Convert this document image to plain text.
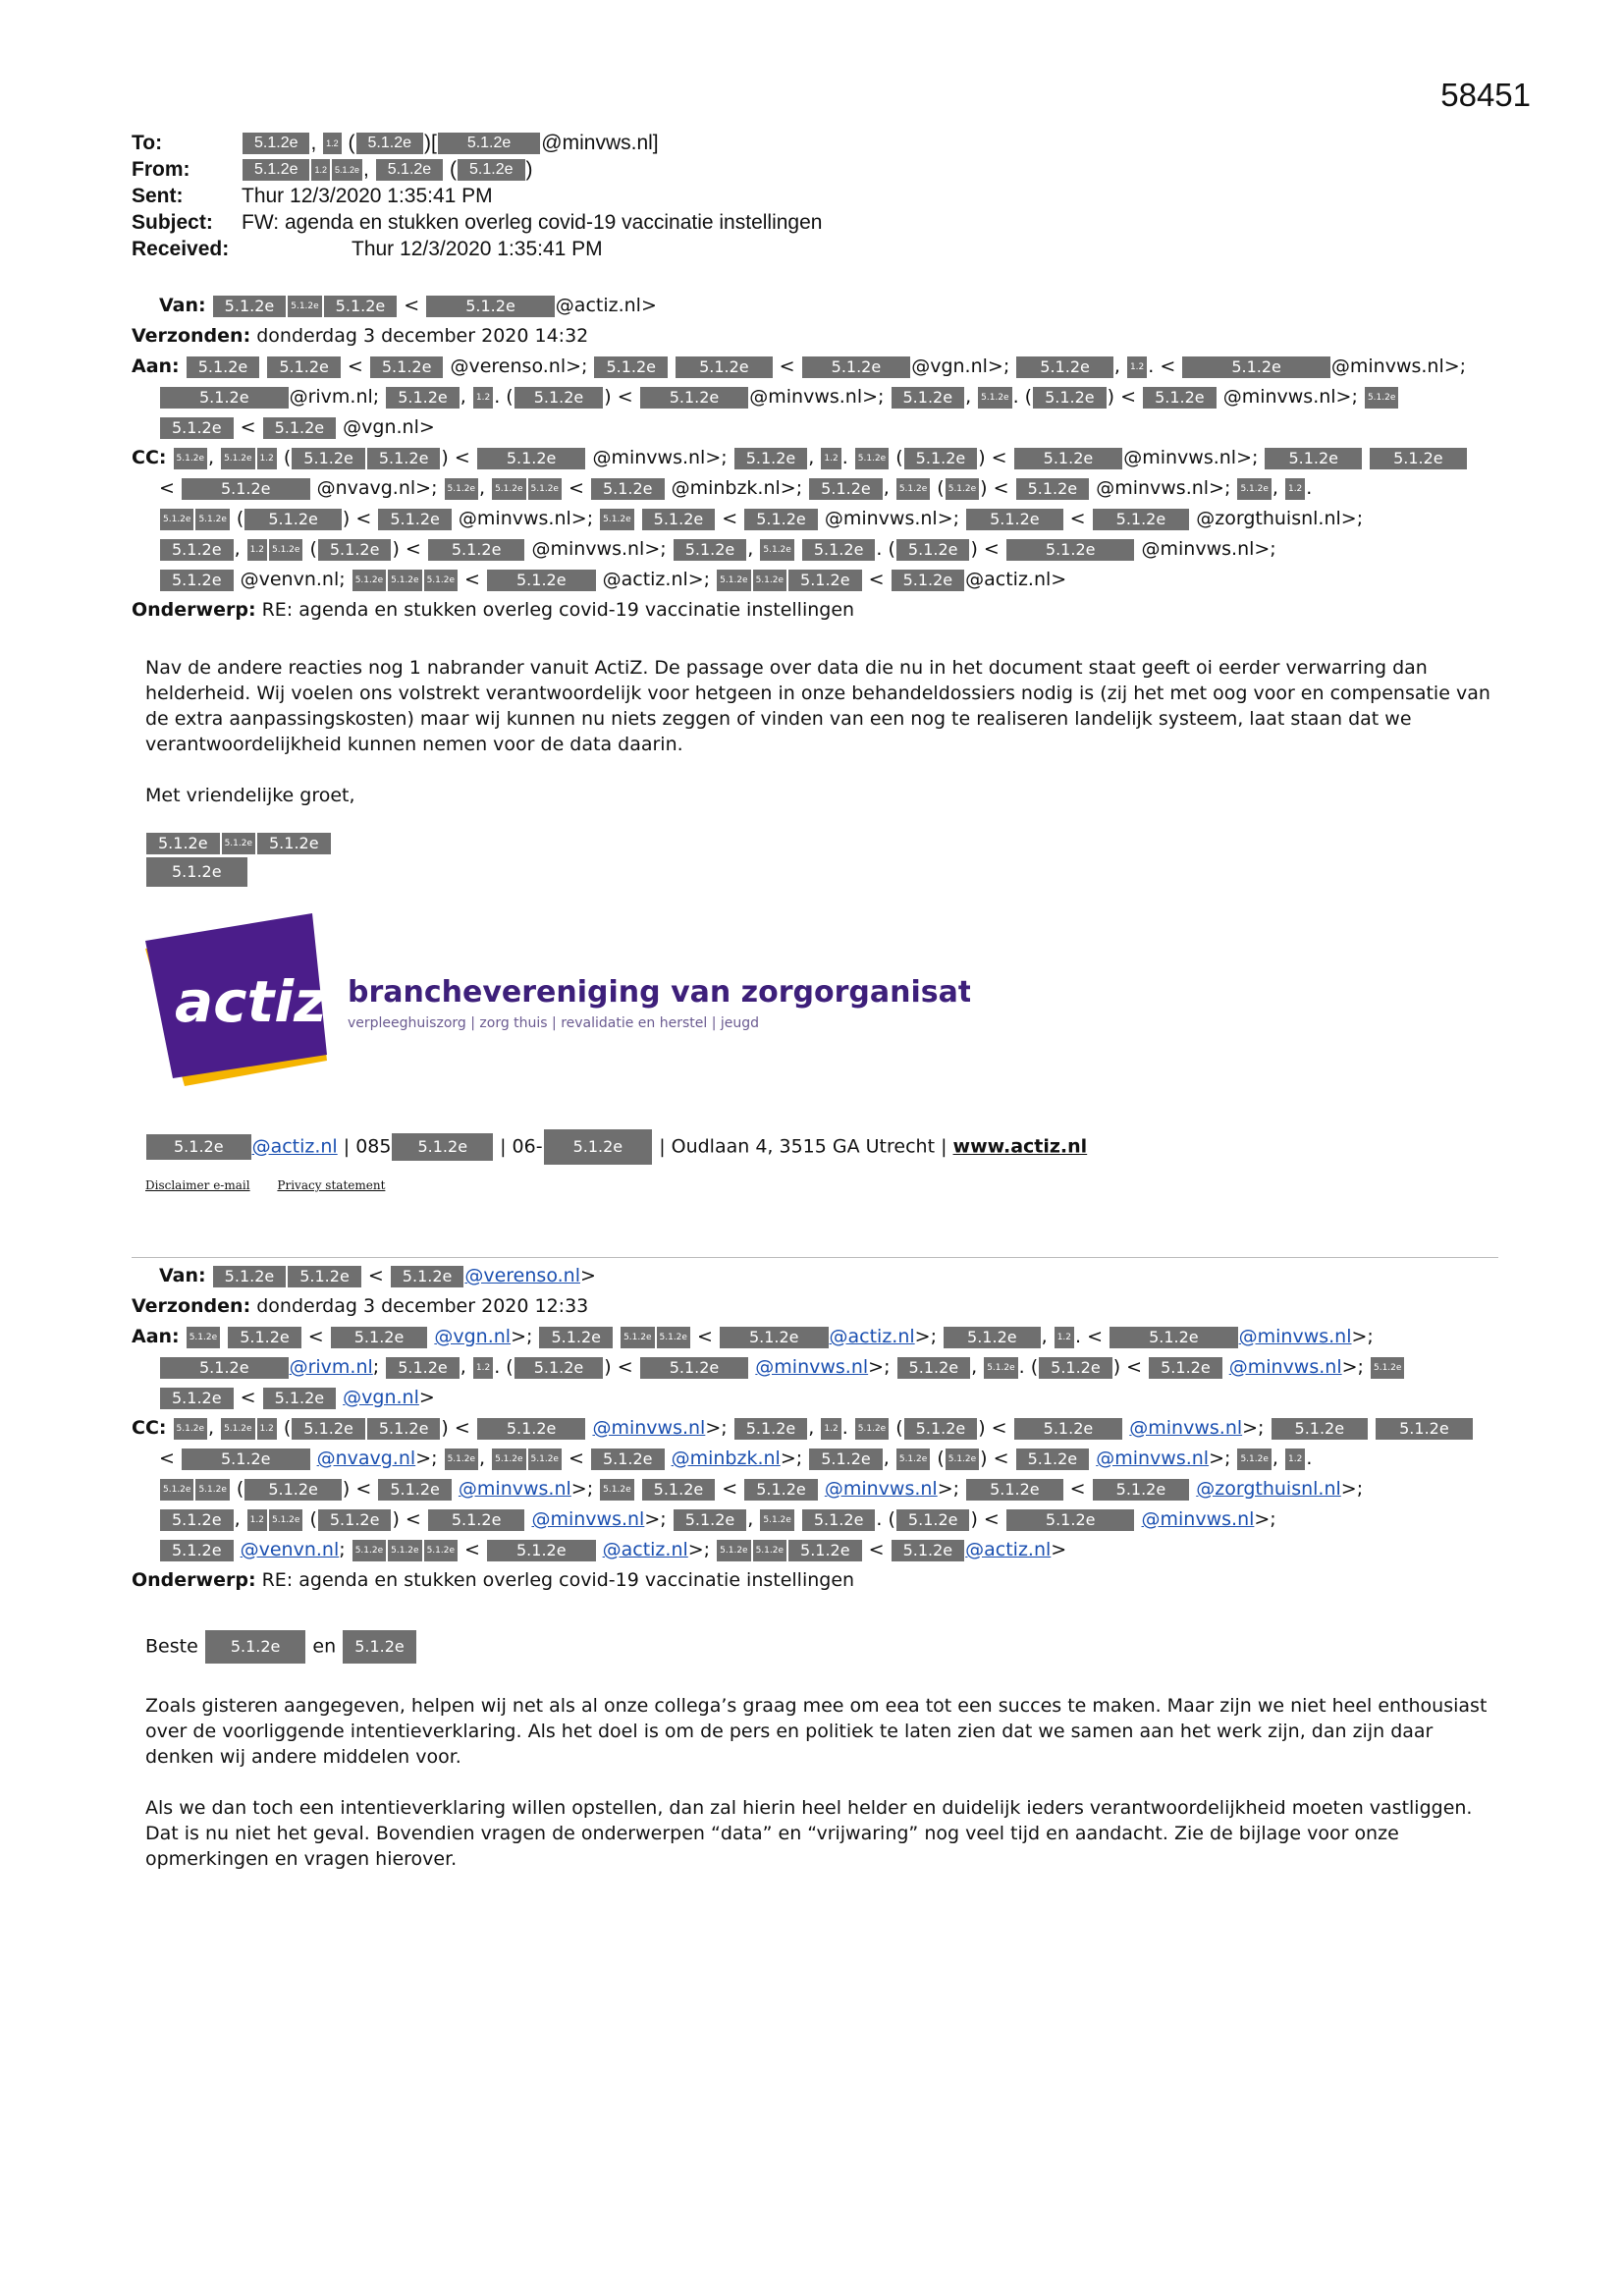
58451
To:	5.1.2e , 1.2 ( 5.1.2e )[ 5.1.2e @minvws.nl]
From:	5.1.2e 1.2 5.1.2e , 5.1.2e ( 5.1.2e )
Sent:	Thur 12/3/2020 1:35:41 PM
Subject: FW: agenda en stukken overleg covid-19 vaccinatie instellingen
Received:	Thur 12/3/2020 1:35:41 PM
Van: 5.1.2e 5.1.2e 5.1.2e <	5.1.2e @actiz.nl>
Verzonden: donderdag 3 december 2020 14:32
Aan: 5.1.2e 5.1.2e < 5.1.2e @verenso.nl>; 5.1.2e	5.1.2e < 5.1.2e @vgn.nl>; 5.1.2e , 1.2 . <	5.1.2e	@minvws.nl>;
5.1.2e @rivm.nl; 5.1.2e , 1.2 . ( 5.1.2e ) < 5.1.2e @minvws.nl>; 5.1.2e , 5.1.2e . ( 5.1.2e ) < 5.1.2e @minvws.nl>; 5.1.2e
5.1.2e < 5.1.2e @vgn.nl>
CC: 5.1.2e , 5.1.2e 1.2 ( 5.1.2e 5.1.2e ) < 5.1.2e @minvws.nl>; 5.1.2e , 1.2 . 5.1.2e ( 5.1.2e ) < 5.1.2e @minvws.nl>; 5.1.2e	5.1.2e
<	5.1.2e @nvavg.nl>; 5.1.2e , 5.1.2e 5.1.2e < 5.1.2e @minbzk.nl>; 5.1.2e , 5.1.2e ( 5.1.2e ) < 5.1.2e @minvws.nl>; 5.1.2e , 1.2 .
5.1.2e 5.1.2e ( 5.1.2e ) < 5.1.2e @minvws.nl>; 5.1.2e 5.1.2e < 5.1.2e @minvws.nl>; 5.1.2e < 5.1.2e @zorgthuisnl.nl>;
5.1.2e , 1.2 5.1.2e ( 5.1.2e ) < 5.1.2e @minvws.nl>; 5.1.2e , 5.1.2e 5.1.2e . ( 5.1.2e ) <	5.1.2e @minvws.nl>;
5.1.2e @venvn.nl; 5.1.2e 5.1.2e 5.1.2e < 5.1.2e @actiz.nl>; 5.1.2e 5.1.2e 5.1.2e < 5.1.2e @actiz.nl>
Onderwerp: RE: agenda en stukken overleg covid-19 vaccinatie instellingen

Nav de andere reacties nog 1 nabrander vanuit ActiZ. De passage over data die nu in het document staat geeft oi eerder verwarring dan helderheid. Wij voelen ons volstrekt verantwoordelijk voor hetgeen in onze behandeldossiers nodig is (zij het met oog voor en compensatie van de extra aanpassingskosten) maar wij kunnen nu niets zeggen of vinden van een nog te realiseren landelijk systeem, laat staan dat we verantwoordelijkheid kunnen nemen voor de data daarin.

Met vriendelijke groet,

5.1.2e 5.1.2e 5.1.2e
5.1.2e
actiz branchevereniging van zorgorganisaties
verpleeghuiszorg | zorg thuis | revalidatie en herstel | jeugd
5.1.2e @actiz.nl | 085 5.1.2e | 06- 5.1.2e | Oudlaan 4, 3515 GA Utrecht | www.actiz.nl
Disclaimer e-mail Privacy statement
Van: 5.1.2e 5.1.2e < 5.1.2e @verenso.nl>
Verzonden: donderdag 3 december 2020 12:33
Aan: 5.1.2e 5.1.2e < 5.1.2e @vgn.nl>; 5.1.2e	5.1.2e 5.1.2e < 5.1.2e @actiz.nl>; 5.1.2e , 1.2 . <	5.1.2e @minvws.nl>;
5.1.2e @rivm.nl; 5.1.2e , 1.2 . ( 5.1.2e ) < 5.1.2e @minvws.nl>; 5.1.2e , 5.1.2e . ( 5.1.2e ) < 5.1.2e @minvws.nl>; 5.1.2e
5.1.2e < 5.1.2e @vgn.nl>
CC: 5.1.2e , 5.1.2e 1.2 ( 5.1.2e 5.1.2e ) < 5.1.2e @minvws.nl>; 5.1.2e , 1.2 . 5.1.2e ( 5.1.2e ) < 5.1.2e @minvws.nl>; 5.1.2e	5.1.2e
<	5.1.2e @nvavg.nl>; 5.1.2e , 5.1.2e 5.1.2e < 5.1.2e @minbzk.nl>; 5.1.2e , 5.1.2e ( 5.1.2e ) < 5.1.2e @minvws.nl>; 5.1.2e , 1.2 .
5.1.2e 5.1.2e ( 5.1.2e ) < 5.1.2e @minvws.nl>; 5.1.2e 5.1.2e < 5.1.2e @minvws.nl>; 5.1.2e < 5.1.2e @zorgthuisnl.nl>;
5.1.2e , 1.2 5.1.2e ( 5.1.2e ) < 5.1.2e @minvws.nl>; 5.1.2e , 5.1.2e 5.1.2e . ( 5.1.2e ) <	5.1.2e @minvws.nl>;
5.1.2e @venvn.nl; 5.1.2e 5.1.2e 5.1.2e < 5.1.2e @actiz.nl>; 5.1.2e 5.1.2e 5.1.2e < 5.1.2e @actiz.nl>
Onderwerp: RE: agenda en stukken overleg covid-19 vaccinatie instellingen

Beste 5.1.2e en 5.1.2e

Zoals gisteren aangegeven, helpen wij net als al onze collega’s graag mee om eea tot een succes te maken. Maar zijn we niet heel enthousiast over de voorliggende intentieverklaring. Als het doel is om de pers en politiek te laten zien dat we samen aan het werk zijn, dan zijn daar denken wij andere middelen voor.

Als we dan toch een intentieverklaring willen opstellen, dan zal hierin heel helder en duidelijk ieders verantwoordelijkheid moeten vastliggen. Dat is nu niet het geval. Bovendien vragen de onderwerpen “data” en “vrijwaring” nog veel tijd en aandacht. Zie de bijlage voor onze opmerkingen en vragen hierover.
